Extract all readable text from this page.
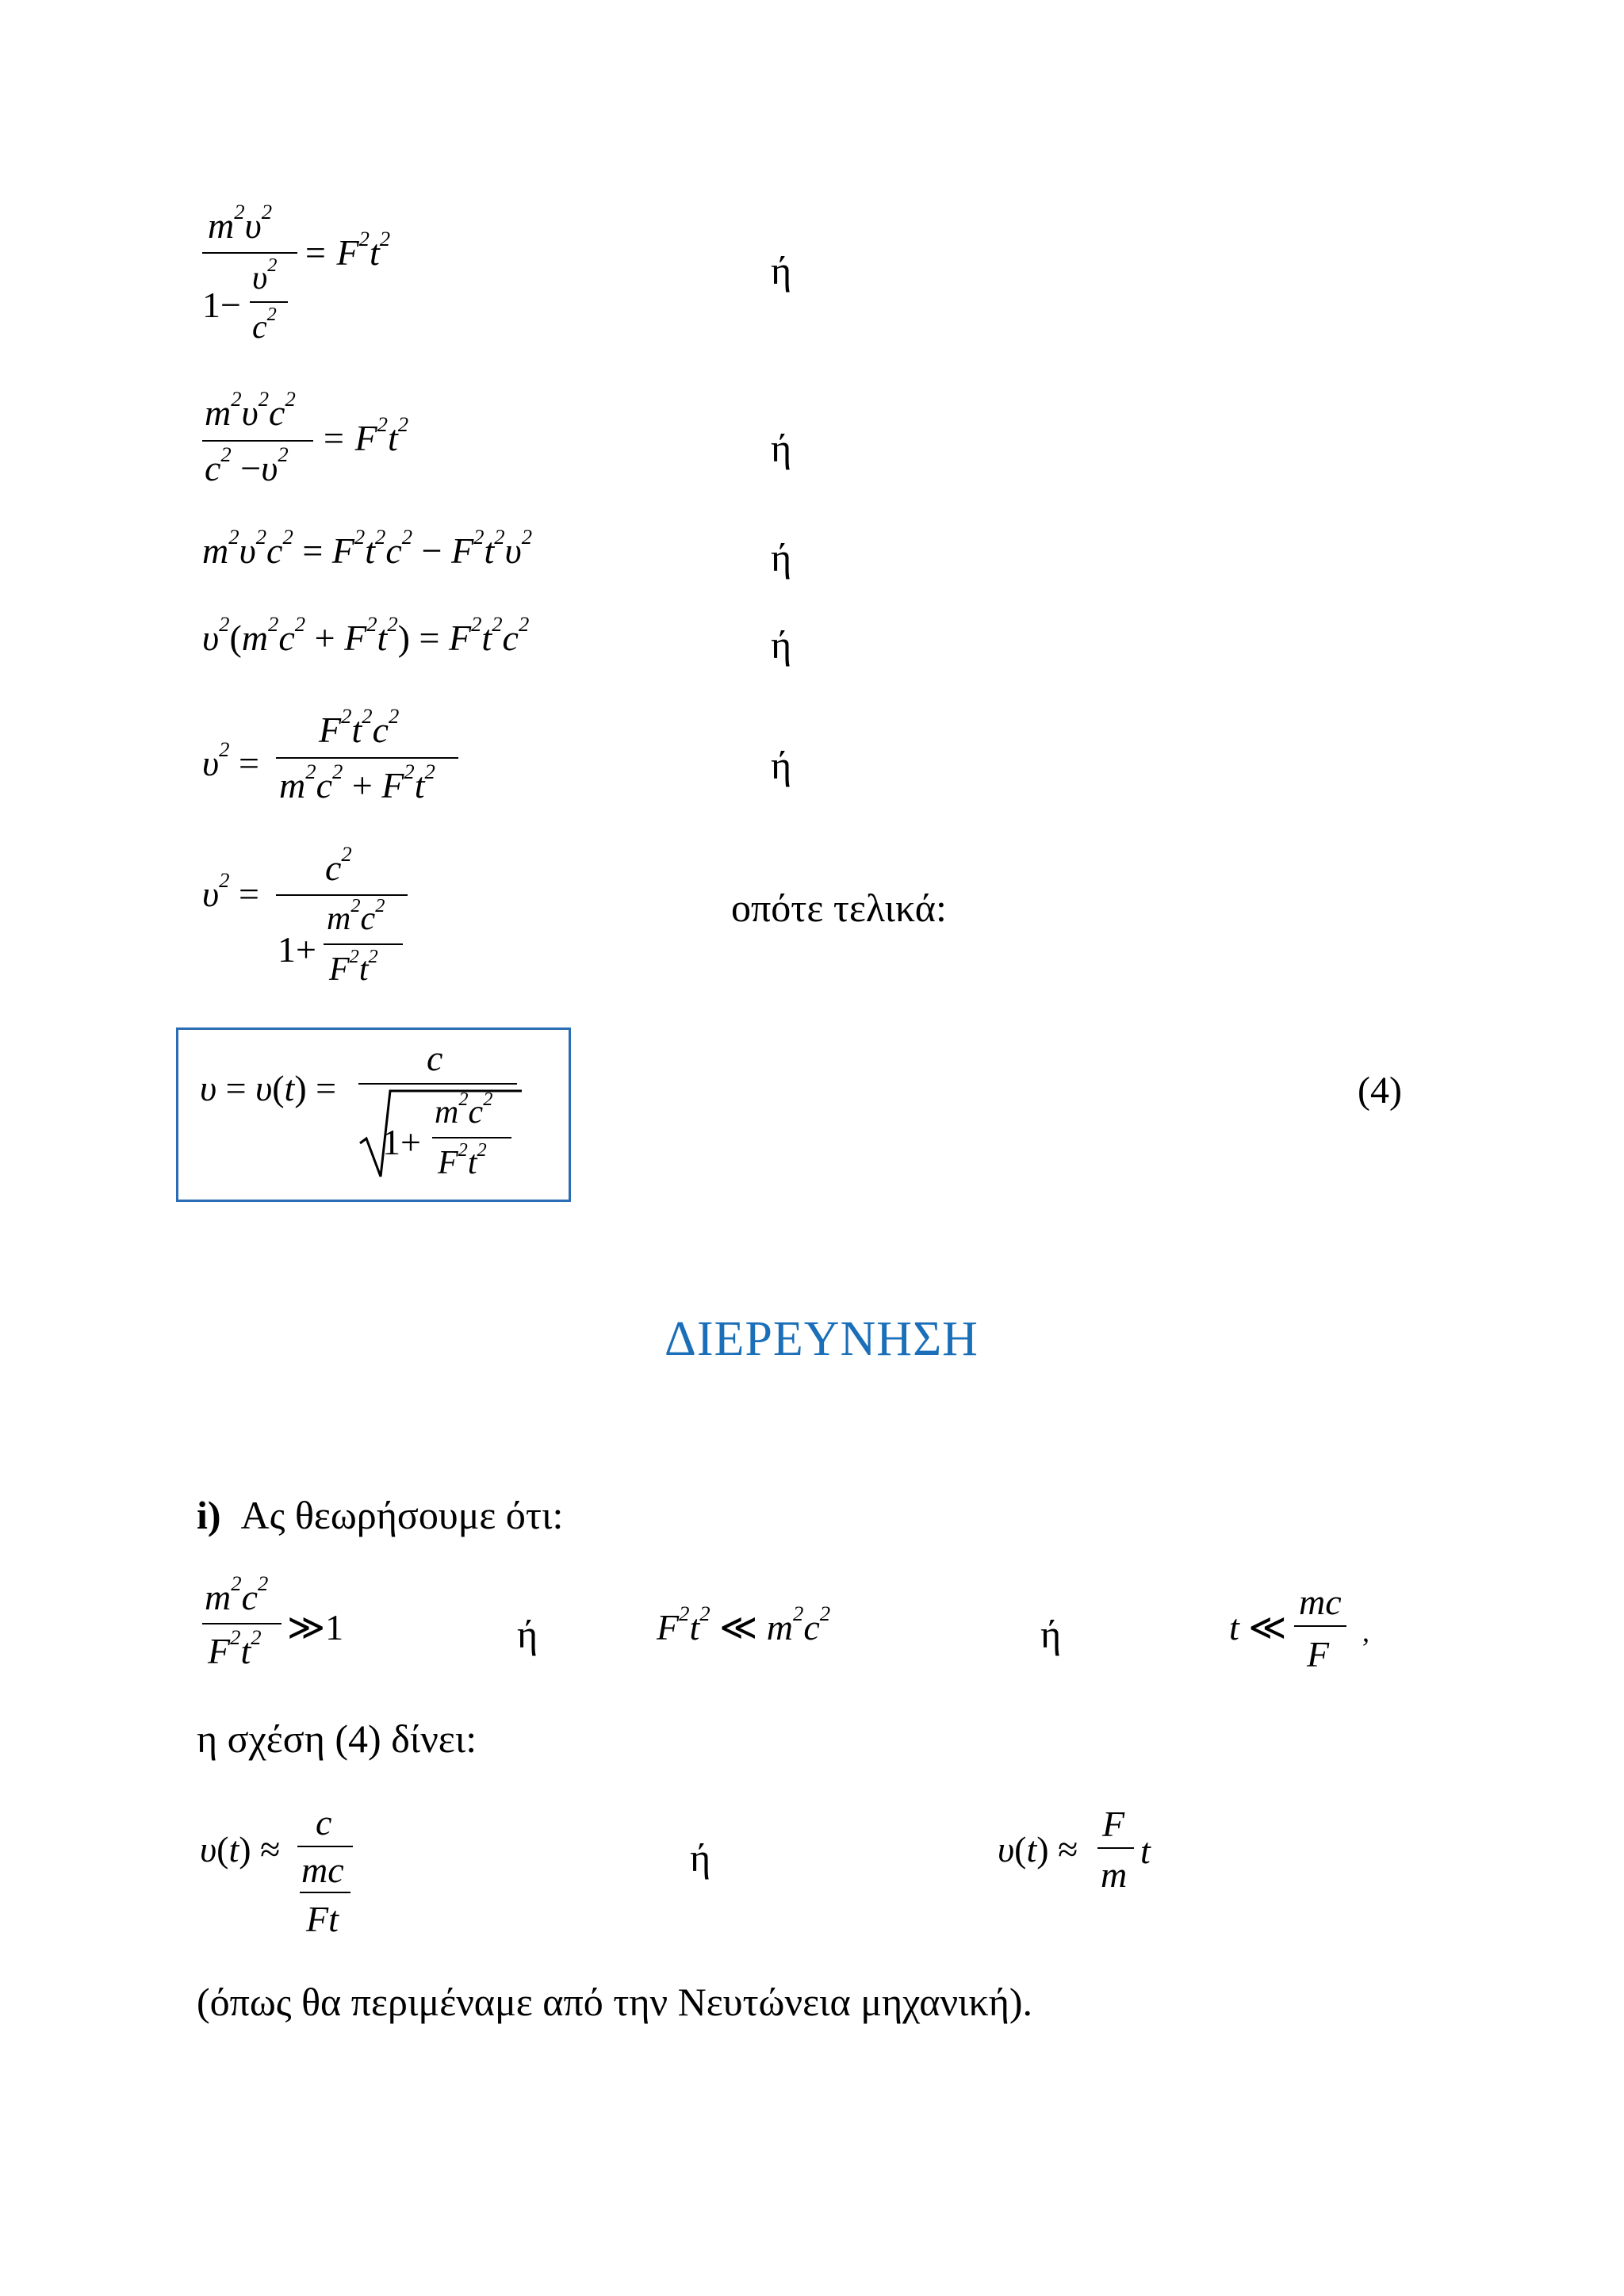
$m^2\upsilon^2$
1−
$\upsilon^2$
$c^2$
= $F^2t^2$
ή
$m^2\upsilon^2c^2$
$c^2 -\upsilon^2 = F^2t^2$
ή
$m^2\upsilon^2c^2 = F^2t^2c^2 - F^2t^2\upsilon^2$	ή
$\upsilon^2(m^2c^2 + F^2t^2) = F^2t^2c^2$	ή
$\upsilon^2$ =
$F^2t^2c^2$
$m^2c^2 + F^2t^2$	ή
$\upsilon^2$ =
$c^2$
1+
$m^2c^2$
$F^2t^2$
οπότε τελικά:
υ = υ(t) =
c
1+
$m^2c^2$
$F^2t^2$
(4)
ΔΙΕΡΕΥΝΗΣΗ
i) Ας θεωρήσουμε ότι:
$m^2c^2$
$F^2t^2$ ≫1	ή	$F^2t^2$ ≪ $m^2c^2$	ή	t ≪
mc
F
,
η σχέση (4) δίνει:
υ(t) ≈
c
mc
Ft
ή	υ(t) ≈
F
m
t
(όπως θα περιμέναμε από την Νευτώνεια μηχανική).
